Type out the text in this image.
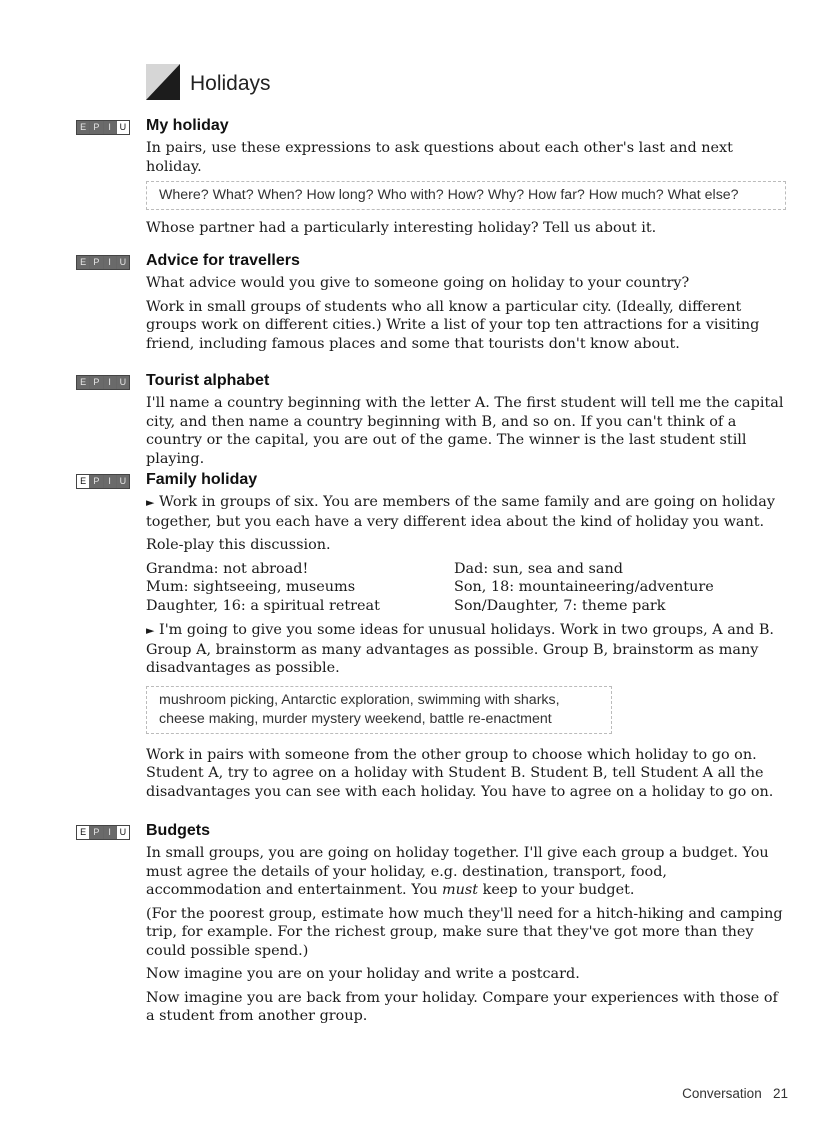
Holidays
E P I U My holiday

In pairs, use these expressions to ask questions about each other's last and next holiday.

Where? What? When? How long? Who with? How? Why? How far? How much? What else?

Whose partner had a particularly interesting holiday? Tell us about it.

E P I U Advice for travellers

What advice would you give to someone going on holiday to your country?

Work in small groups of students who all know a particular city. (Ideally, different groups work on different cities.) Write a list of your top ten attractions for a visiting friend, including famous places and some that tourists don't know about.

E P I U Tourist alphabet

I'll name a country beginning with the letter A. The first student will tell me the capital city, and then name a country beginning with B, and so on. If you can't think of a country or the capital, you are out of the game. The winner is the last student still playing.

E P I U Family holiday

► Work in groups of six. You are members of the same family and are going on holiday together, but you each have a very different idea about the kind of holiday you want.

Role-play this discussion.

Grandma: not abroad!	Dad: sun, sea and sand
Mum: sightseeing, museums	Son, 18: mountaineering/adventure
Daughter, 16: a spiritual retreat	Son/Daughter, 7: theme park

► I'm going to give you some ideas for unusual holidays. Work in two groups, A and B. Group A, brainstorm as many advantages as possible. Group B, brainstorm as many disadvantages as possible.

mushroom picking, Antarctic exploration, swimming with sharks,
cheese making, murder mystery weekend, battle re-enactment

Work in pairs with someone from the other group to choose which holiday to go on. Student A, try to agree on a holiday with Student B. Student B, tell Student A all the disadvantages you can see with each holiday. You have to agree on a holiday to go on.

E P I U Budgets

In small groups, you are going on holiday together. I'll give each group a budget. You must agree the details of your holiday, e.g. destination, transport, food, accommodation and entertainment. You must keep to your budget.

(For the poorest group, estimate how much they'll need for a hitch-hiking and camping trip, for example. For the richest group, make sure that they've got more than they could possible spend.)

Now imagine you are on your holiday and write a postcard.

Now imagine you are back from your holiday. Compare your experiences with those of a student from another group.

Conversation 21
